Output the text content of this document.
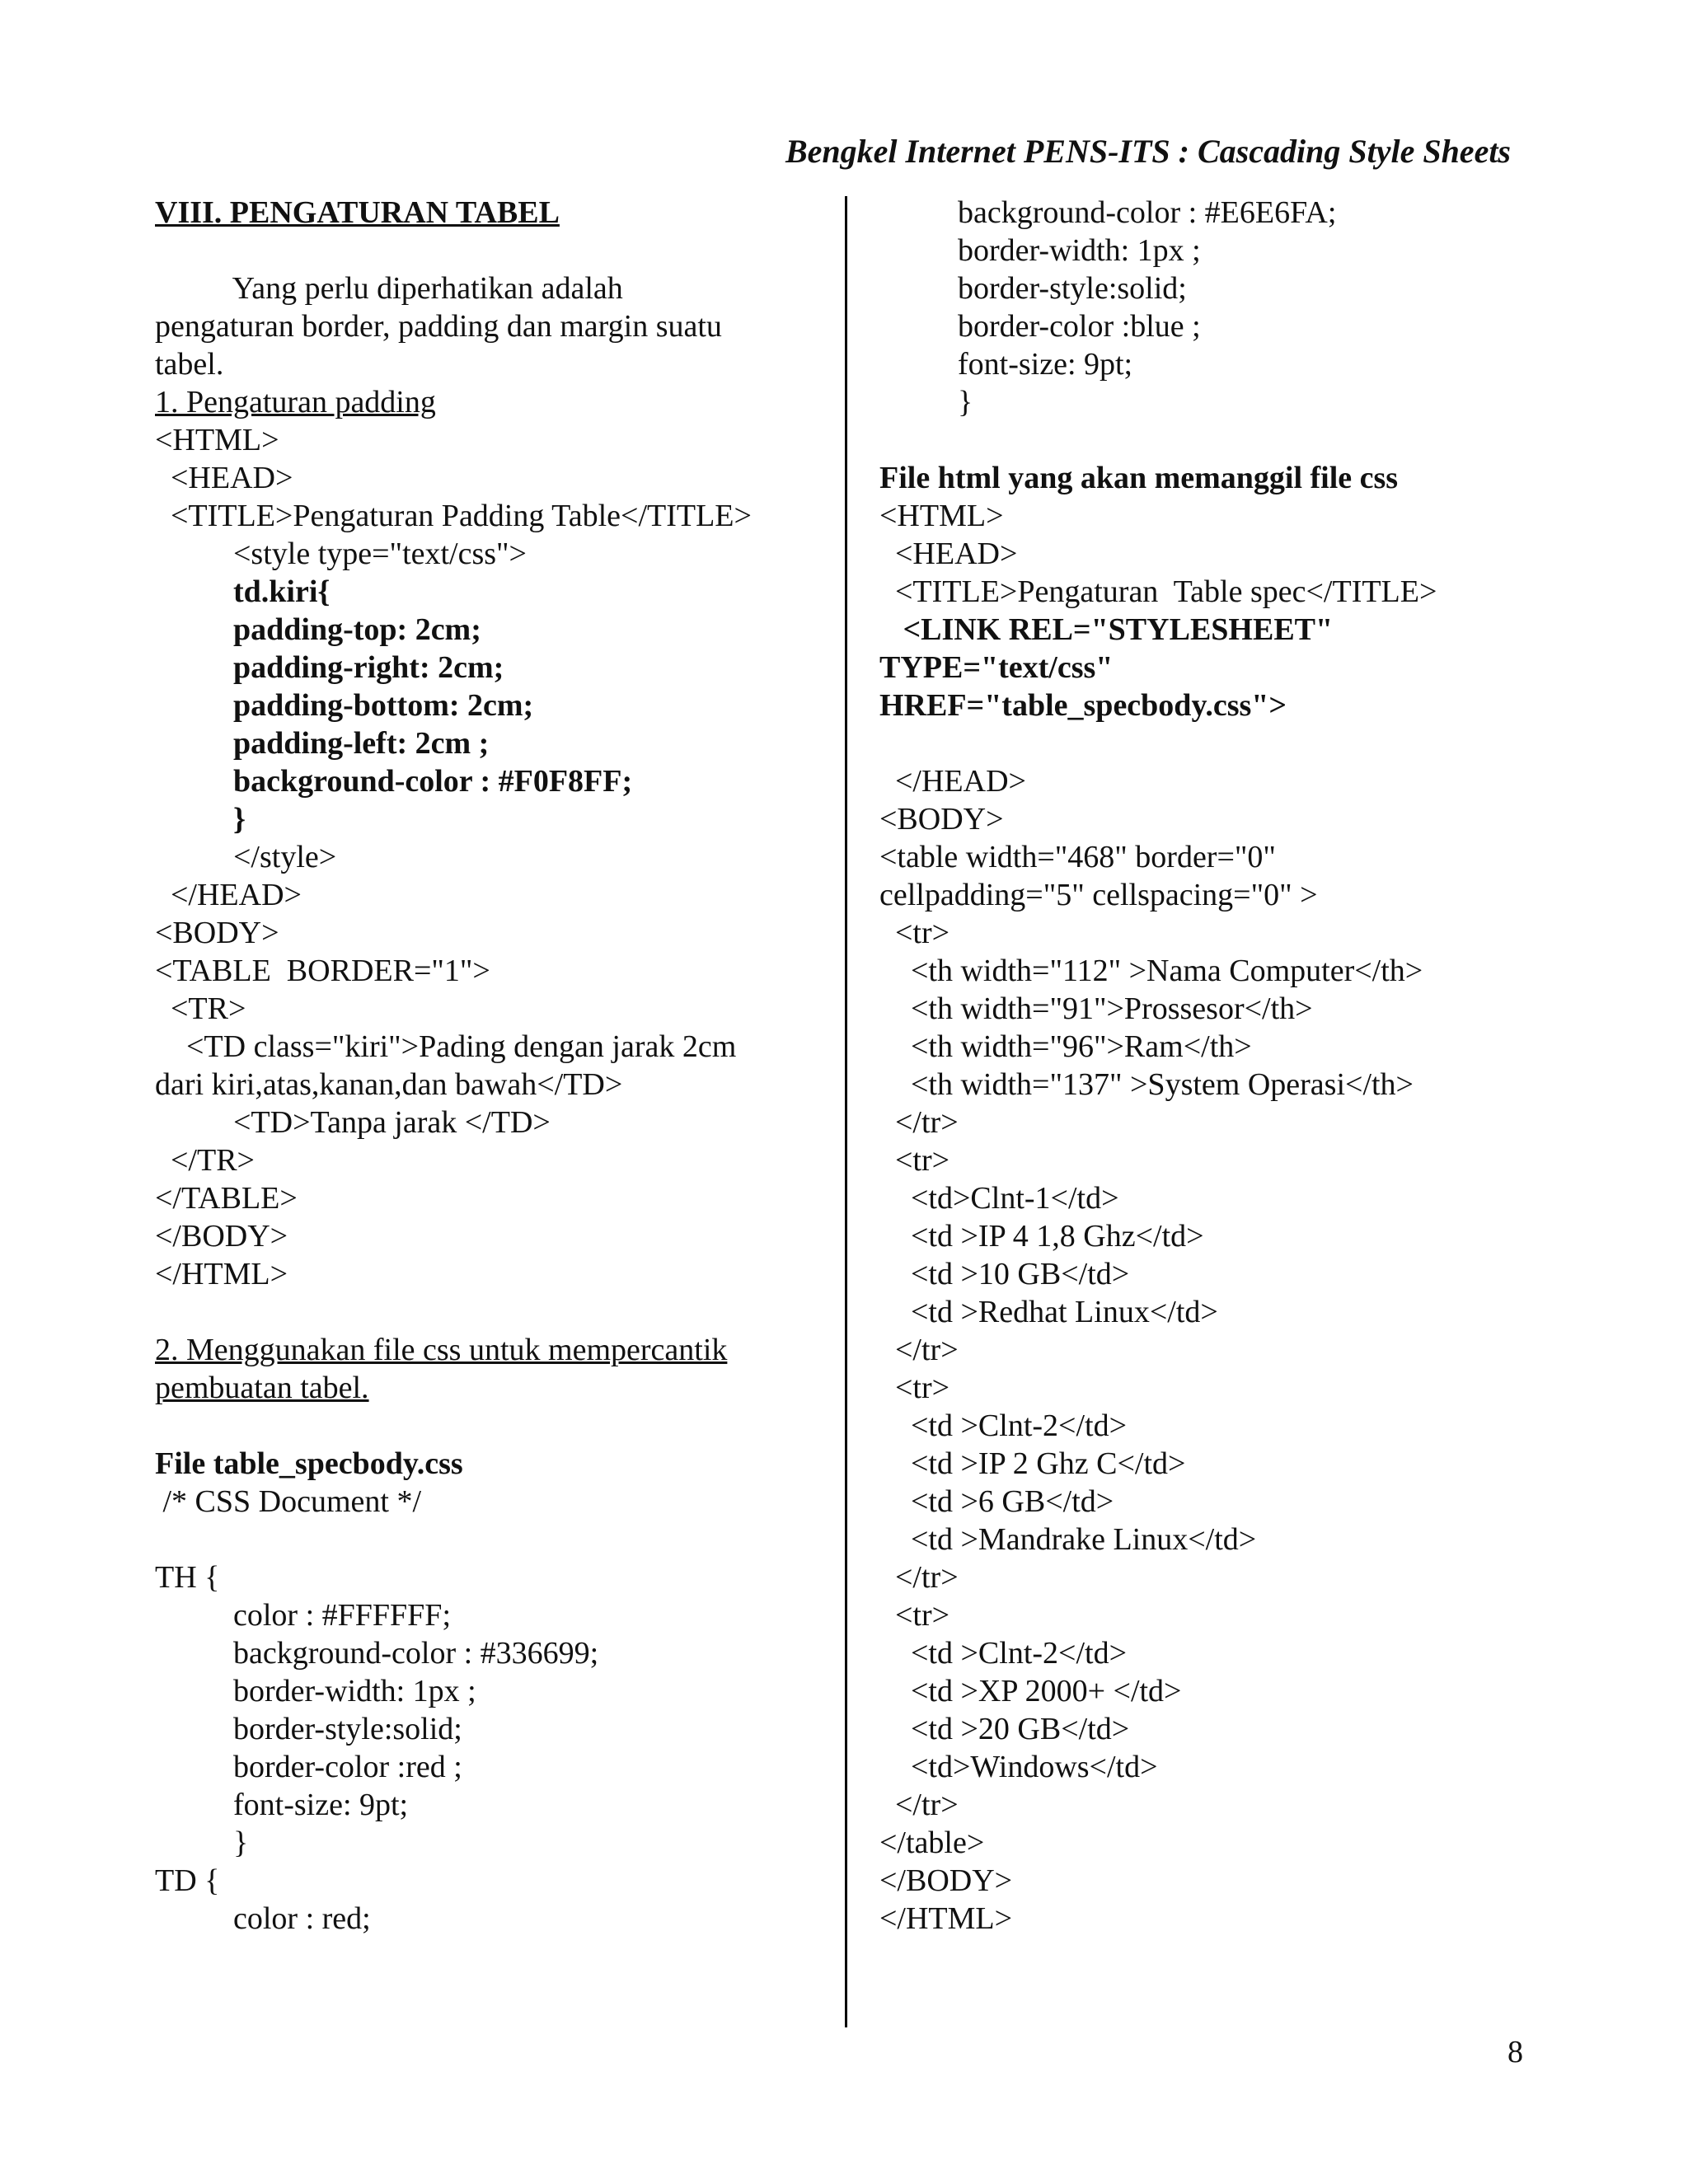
Bengkel Internet PENS-ITS : Cascading Style Sheets
VIII. PENGATURAN TABEL
Yang perlu diperhatikan adalah
pengaturan border, padding dan margin suatu
tabel.
1. Pengaturan padding
<HTML>
<HEAD>
<TITLE>Pengaturan Padding Table</TITLE>
<style type="text/css">
td.kiri{
padding-top: 2cm;
padding-right: 2cm;
padding-bottom: 2cm;
padding-left: 2cm ;
background-color : #F0F8FF;
}
</style>
</HEAD>
<BODY>
<TABLE  BORDER="1">
<TR>
<TD class="kiri">Pading dengan jarak 2cm
dari kiri,atas,kanan,dan bawah</TD>
<TD>Tanpa jarak </TD>
</TR>
</TABLE>
</BODY>
</HTML>
2. Menggunakan file css untuk mempercantik
pembuatan tabel.
File table_specbody.css
/* CSS Document */
TH {
color : #FFFFFF;
background-color : #336699;
border-width: 1px ;
border-style:solid;
border-color :red ;
font-size: 9pt;
}
TD {
color : red;
background-color : #E6E6FA;
border-width: 1px ;
border-style:solid;
border-color :blue ;
font-size: 9pt;
}
File html yang akan memanggil file css
<HTML>
<HEAD>
<TITLE>Pengaturan  Table spec</TITLE>
<LINK REL="STYLESHEET"
TYPE="text/css"
HREF="table_specbody.css">
</HEAD>
<BODY>
<table width="468" border="0"
cellpadding="5" cellspacing="0" >
<tr>
<th width="112" >Nama Computer</th>
<th width="91">Prossesor</th>
<th width="96">Ram</th>
<th width="137" >System Operasi</th>
</tr>
<tr>
<td>Clnt-1</td>
<td >IP 4 1,8 Ghz</td>
<td >10 GB</td>
<td >Redhat Linux</td>
</tr>
<tr>
<td >Clnt-2</td>
<td >IP 2 Ghz C</td>
<td >6 GB</td>
<td >Mandrake Linux</td>
</tr>
<tr>
<td >Clnt-2</td>
<td >XP 2000+ </td>
<td >20 GB</td>
<td>Windows</td>
</tr>
</table>
</BODY>
</HTML>
8
